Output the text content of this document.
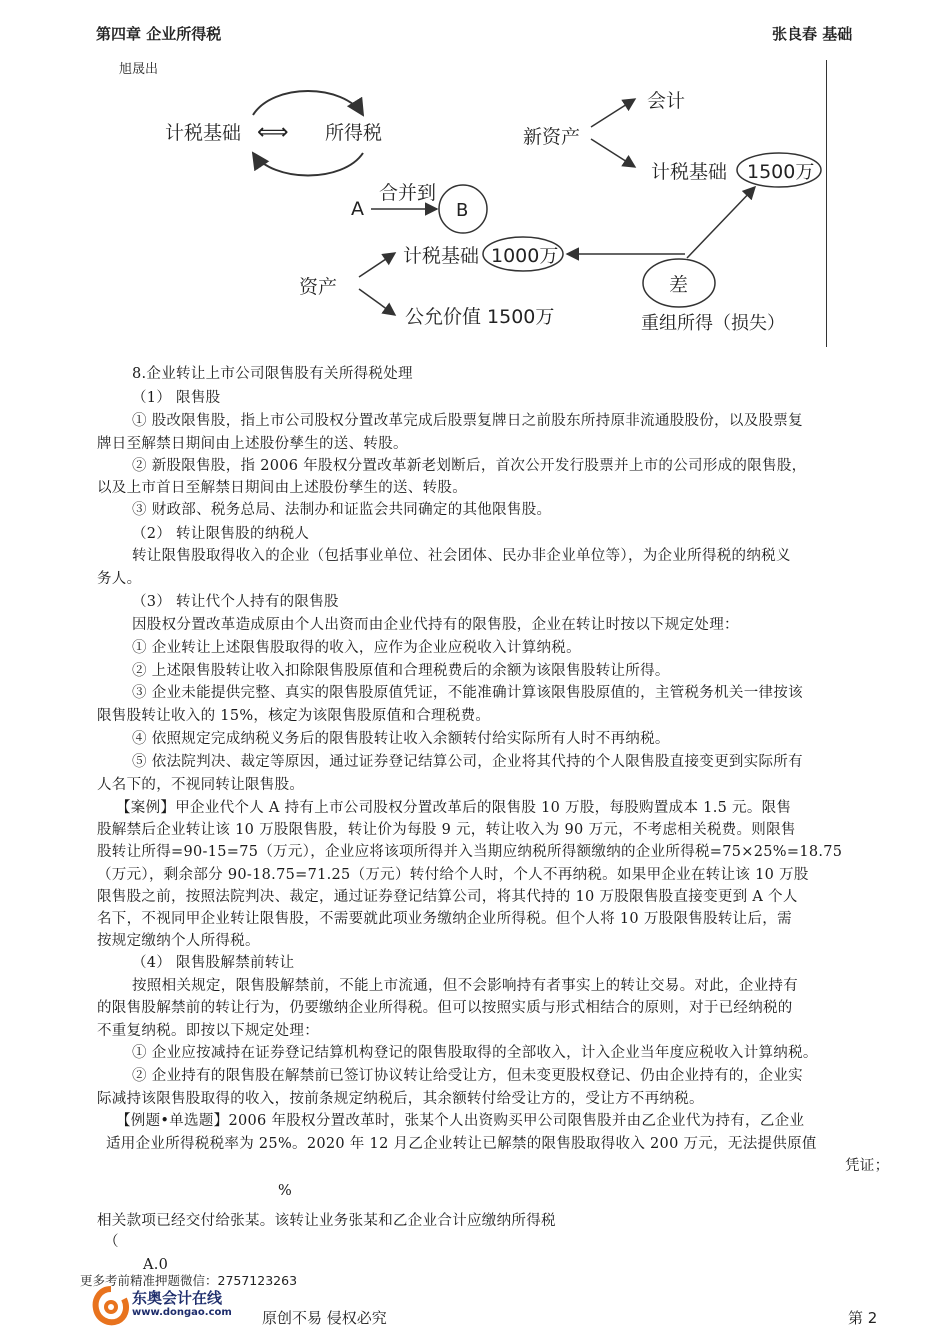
第四章 企业所得税	张良春 基础
旭晟出
计税基础 ⟺ 所得税	新资产
会计
计税基础 1500万
A
合并到
B
资产
计税基础 1000万
公允价值 1500万
差
重组所得（损失）
8.企业转让上市公司限售股有关所得税处理
（1） 限售股
① 股改限售股，指上市公司股权分置改革完成后股票复牌日之前股东所持原非流通股股份，以及股票复
牌日至解禁日期间由上述股份孳生的送、转股。
② 新股限售股，指 2006 年股权分置改革新老划断后，首次公开发行股票并上市的公司形成的限售股，
以及上市首日至解禁日期间由上述股份孳生的送、转股。
③ 财政部、税务总局、法制办和证监会共同确定的其他限售股。
（2） 转让限售股的纳税人
转让限售股取得收入的企业（包括事业单位、社会团体、民办非企业单位等），为企业所得税的纳税义
务人。
（3） 转让代个人持有的限售股
因股权分置改革造成原由个人出资而由企业代持有的限售股，企业在转让时按以下规定处理：
① 企业转让上述限售股取得的收入，应作为企业应税收入计算纳税。
② 上述限售股转让收入扣除限售股原值和合理税费后的余额为该限售股转让所得。
③ 企业未能提供完整、真实的限售股原值凭证，不能准确计算该限售股原值的，主管税务机关一律按该
限售股转让收入的 15%，核定为该限售股原值和合理税费。
④ 依照规定完成纳税义务后的限售股转让收入余额转付给实际所有人时不再纳税。
⑤ 依法院判决、裁定等原因，通过证券登记结算公司，企业将其代持的个人限售股直接变更到实际所有
人名下的，不视同转让限售股。
【案例】甲企业代个人 A 持有上市公司股权分置改革后的限售股 10 万股，每股购置成本 1.5 元。限售
股解禁后企业转让该 10 万股限售股，转让价为每股 9 元，转让收入为 90 万元，不考虑相关税费。则限售
股转让所得=90-15=75（万元），企业应将该项所得并入当期应纳税所得额缴纳的企业所得税=75×25%=18.75
（万元），剩余部分 90-18.75=71.25（万元）转付给个人时，个人不再纳税。如果甲企业在转让该 10 万股
限售股之前，按照法院判决、裁定，通过证券登记结算公司，将其代持的 10 万股限售股直接变更到 A 个人
名下，不视同甲企业转让限售股，不需要就此项业务缴纳企业所得税。但个人将 10 万股限售股转让后，需
按规定缴纳个人所得税。
（4） 限售股解禁前转让
按照相关规定，限售股解禁前，不能上市流通，但不会影响持有者事实上的转让交易。对此，企业持有
的限售股解禁前的转让行为，仍要缴纳企业所得税。但可以按照实质与形式相结合的原则，对于已经纳税的
不重复纳税。即按以下规定处理：
① 企业应按减持在证券登记结算机构登记的限售股取得的全部收入，计入企业当年度应税收入计算纳税。
② 企业持有的限售股在解禁前已签订协议转让给受让方，但未变更股权登记、仍由企业持有的，企业实
际减持该限售股取得的收入，按前条规定纳税后，其余额转付给受让方的，受让方不再纳税。
【例题•单选题】2006 年股权分置改革时，张某个人出资购买甲公司限售股并由乙企业代为持有，乙企业
适用企业所得税税率为 25%。2020 年 12 月乙企业转让已解禁的限售股取得收入 200 万元，无法提供原值
凭证；
%
相关款项已经交付给张某。该转让业务张某和乙企业合计应缴纳所得税
（
A.0
更多考前精准押题微信：2757123263
东奥会计在线
www.dongao.com 原创不易 侵权必究	第 2
